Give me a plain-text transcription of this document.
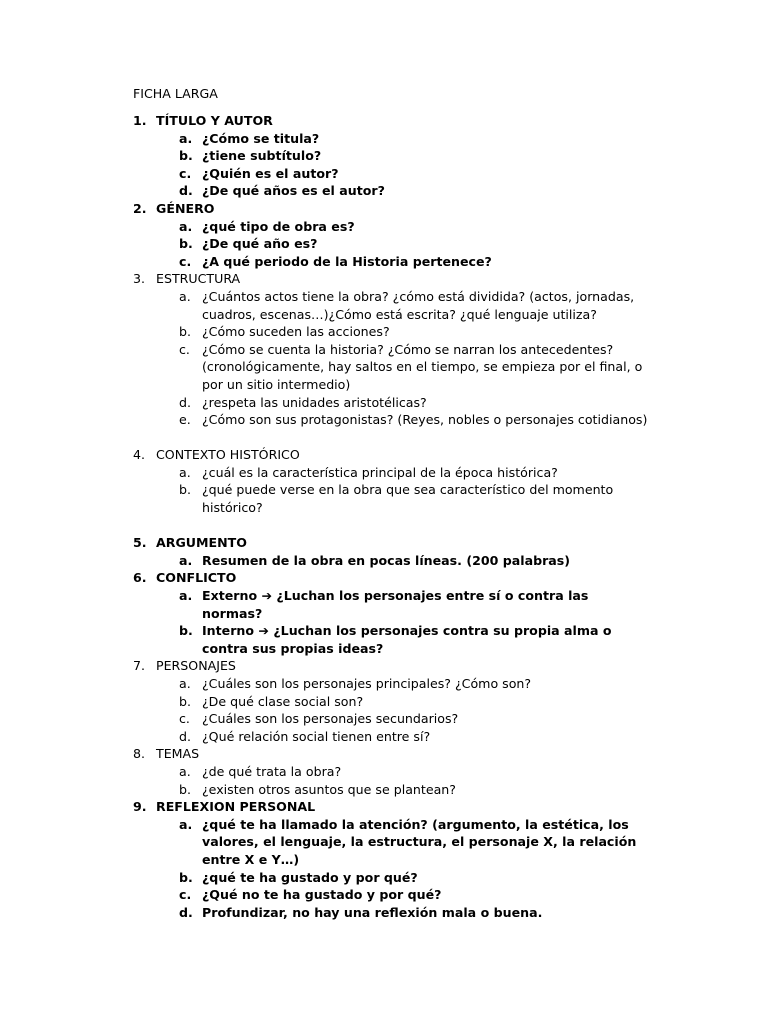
FICHA LARGA

1. TÍTULO Y AUTOR
a. ¿Cómo se titula?
b. ¿tiene subtítulo?
c. ¿Quién es el autor?
d. ¿De qué años es el autor?
2. GÉNERO
a. ¿qué tipo de obra es?
b. ¿De qué año es?
c. ¿A qué periodo de la Historia pertenece?
3. ESTRUCTURA
a. ¿Cuántos actos tiene la obra? ¿cómo está dividida? (actos, jornadas, cuadros, escenas…)¿Cómo está escrita? ¿qué lenguaje utiliza?
b. ¿Cómo suceden las acciones?
c. ¿Cómo se cuenta la historia? ¿Cómo se narran los antecedentes? (cronológicamente, hay saltos en el tiempo, se empieza por el final, o por un sitio intermedio)
d. ¿respeta las unidades aristotélicas?
e. ¿Cómo son sus protagonistas? (Reyes, nobles o personajes cotidianos)
4. CONTEXTO HISTÓRICO
a. ¿cuál es la característica principal de la época histórica?
b. ¿qué puede verse en la obra que sea característico del momento histórico?
5. ARGUMENTO
a. Resumen de la obra en pocas líneas. (200 palabras)
6. CONFLICTO
a. Externo ➔ ¿Luchan los personajes entre sí o contra las normas?
b. Interno ➔ ¿Luchan los personajes contra su propia alma o contra sus propias ideas?
7. PERSONAJES
a. ¿Cuáles son los personajes principales? ¿Cómo son?
b. ¿De qué clase social son?
c. ¿Cuáles son los personajes secundarios?
d. ¿Qué relación social tienen entre sí?
8. TEMAS
a. ¿de qué trata la obra?
b. ¿existen otros asuntos que se plantean?
9. REFLEXION PERSONAL
a. ¿qué te ha llamado la atención? (argumento, la estética, los valores, el lenguaje, la estructura, el personaje X, la relación entre X e Y…)
b. ¿qué te ha gustado y por qué?
c. ¿Qué no te ha gustado y por qué?
d. Profundizar, no hay una reflexión mala o buena.
